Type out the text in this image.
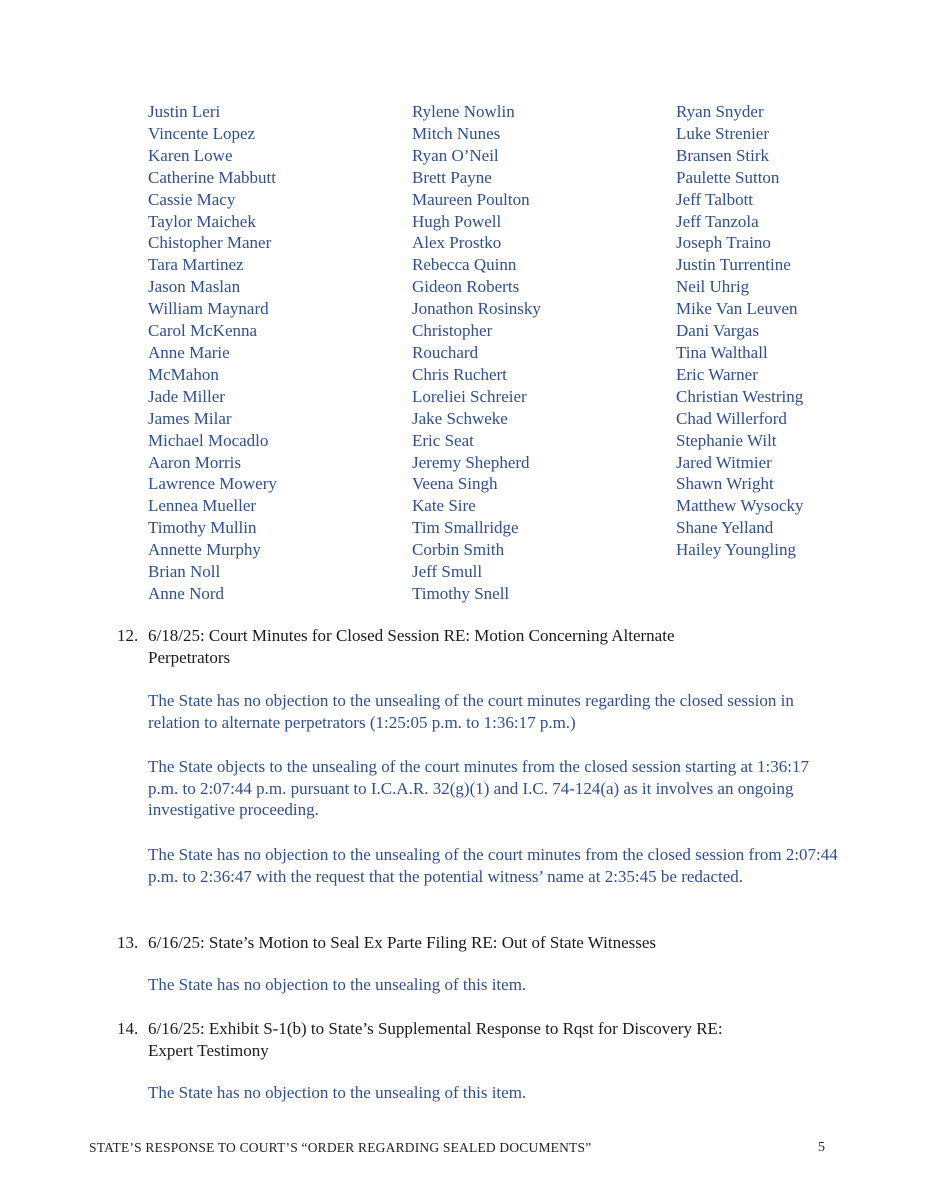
Justin Leri
Vincente Lopez
Karen Lowe
Catherine Mabbutt
Cassie Macy
Taylor Maichek
Chistopher Maner
Tara Martinez
Jason Maslan
William Maynard
Carol McKenna
Anne Marie
McMahon
Jade Miller
James Milar
Michael Mocadlo
Aaron Morris
Lawrence Mowery
Lennea Mueller
Timothy Mullin
Annette Murphy
Brian Noll
Anne Nord
Rylene Nowlin
Mitch Nunes
Ryan O’Neil
Brett Payne
Maureen Poulton
Hugh Powell
Alex Prostko
Rebecca Quinn
Gideon Roberts
Jonathon Rosinsky
Christopher
Rouchard
Chris Ruchert
Loreliei Schreier
Jake Schweke
Eric Seat
Jeremy Shepherd
Veena Singh
Kate Sire
Tim Smallridge
Corbin Smith
Jeff Smull
Timothy Snell
Ryan Snyder
Luke Strenier
Bransen Stirk
Paulette Sutton
Jeff Talbott
Jeff Tanzola
Joseph Traino
Justin Turrentine
Neil Uhrig
Mike Van Leuven
Dani Vargas
Tina Walthall
Eric Warner
Christian Westring
Chad Willerford
Stephanie Wilt
Jared Witmier
Shawn Wright
Matthew Wysocky
Shane Yelland
Hailey Youngling
12. 6/18/25: Court Minutes for Closed Session RE: Motion Concerning Alternate
Perpetrators
The State has no objection to the unsealing of the court minutes regarding the closed session in relation to alternate perpetrators (1:25:05 p.m. to 1:36:17 p.m.)
The State objects to the unsealing of the court minutes from the closed session starting at 1:36:17 p.m. to 2:07:44 p.m. pursuant to I.C.A.R. 32(g)(1) and I.C. 74-124(a) as it involves an ongoing investigative proceeding.
The State has no objection to the unsealing of the court minutes from the closed session from 2:07:44 p.m. to 2:36:47 with the request that the potential witness’ name at 2:35:45 be redacted.
13. 6/16/25: State’s Motion to Seal Ex Parte Filing RE: Out of State Witnesses
The State has no objection to the unsealing of this item.
14. 6/16/25: Exhibit S-1(b) to State’s Supplemental Response to Rqst for Discovery RE:
Expert Testimony
The State has no objection to the unsealing of this item.
STATE’S RESPONSE TO COURT’S “ORDER REGARDING SEALED DOCUMENTS”	5
